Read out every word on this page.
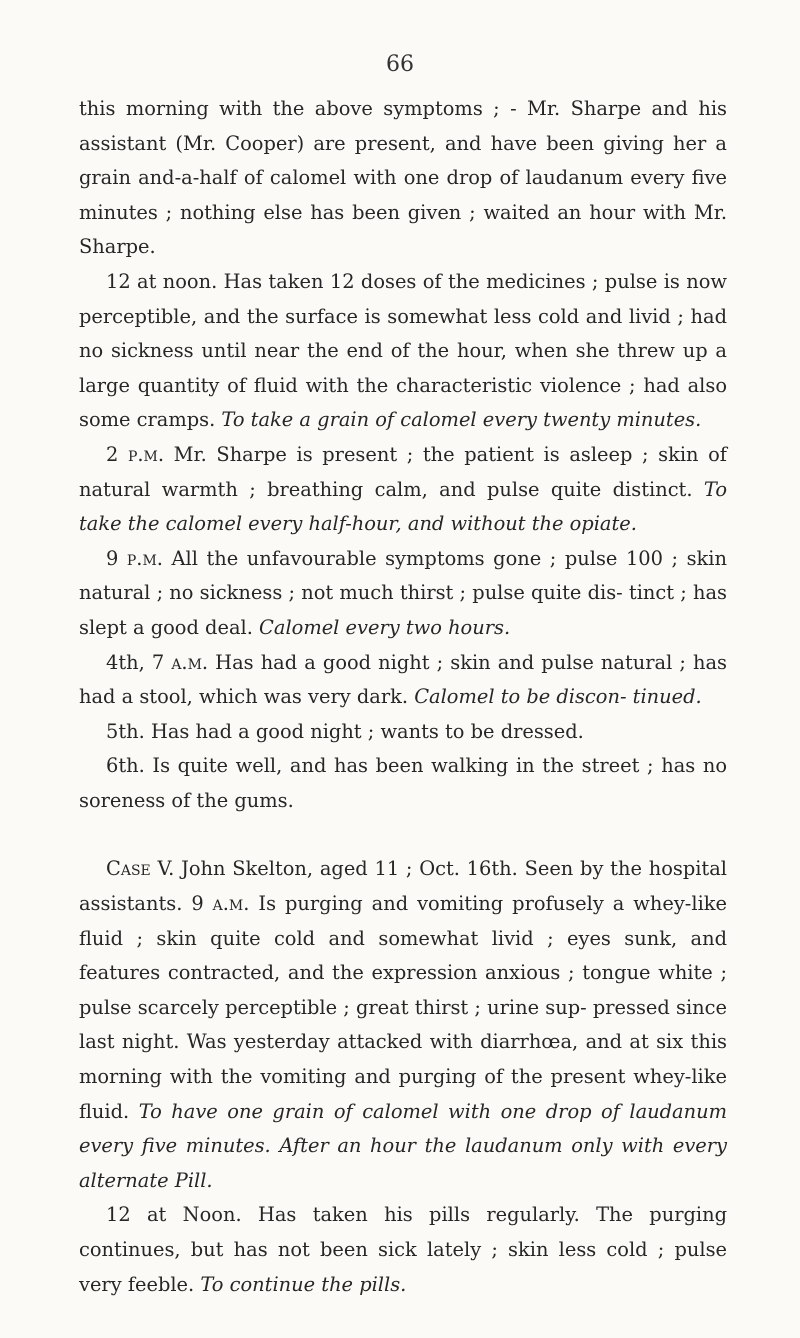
66

this morning with the above symptoms ; - Mr. Sharpe and his assistant (Mr. Cooper) are present, and have been giving her a grain and-a-half of calomel with one drop of laudanum every five minutes ; nothing else has been given ; waited an hour with Mr. Sharpe.

12 at noon. Has taken 12 doses of the medicines ; pulse is now perceptible, and the surface is somewhat less cold and livid ; had no sickness until near the end of the hour, when she threw up a large quantity of fluid with the characteristic violence ; had also some cramps. To take a grain of calomel every twenty minutes.

2 p.m. Mr. Sharpe is present ; the patient is asleep ; skin of natural warmth ; breathing calm, and pulse quite distinct. To take the calomel every half-hour, and without the opiate.

9 p.m. All the unfavourable symptoms gone ; pulse 100 ; skin natural ; no sickness ; not much thirst ; pulse quite dis- tinct ; has slept a good deal. Calomel every two hours.

4th, 7 a.m. Has had a good night ; skin and pulse natural ; has had a stool, which was very dark. Calomel to be discon- tinued.

5th. Has had a good night ; wants to be dressed.

6th. Is quite well, and has been walking in the street ; has no soreness of the gums.

Case V. John Skelton, aged 11 ; Oct. 16th. Seen by the hospital assistants. 9 a.m. Is purging and vomiting profusely a whey-like fluid ; skin quite cold and somewhat livid ; eyes sunk, and features contracted, and the expression anxious ; tongue white ; pulse scarcely perceptible ; great thirst ; urine sup- pressed since last night. Was yesterday attacked with diarrhœa, and at six this morning with the vomiting and purging of the present whey-like fluid. To have one grain of calomel with one drop of laudanum every five minutes. After an hour the laudanum only with every alternate Pill.

12 at Noon. Has taken his pills regularly. The purging continues, but has not been sick lately ; skin less cold ; pulse very feeble. To continue the pills.
